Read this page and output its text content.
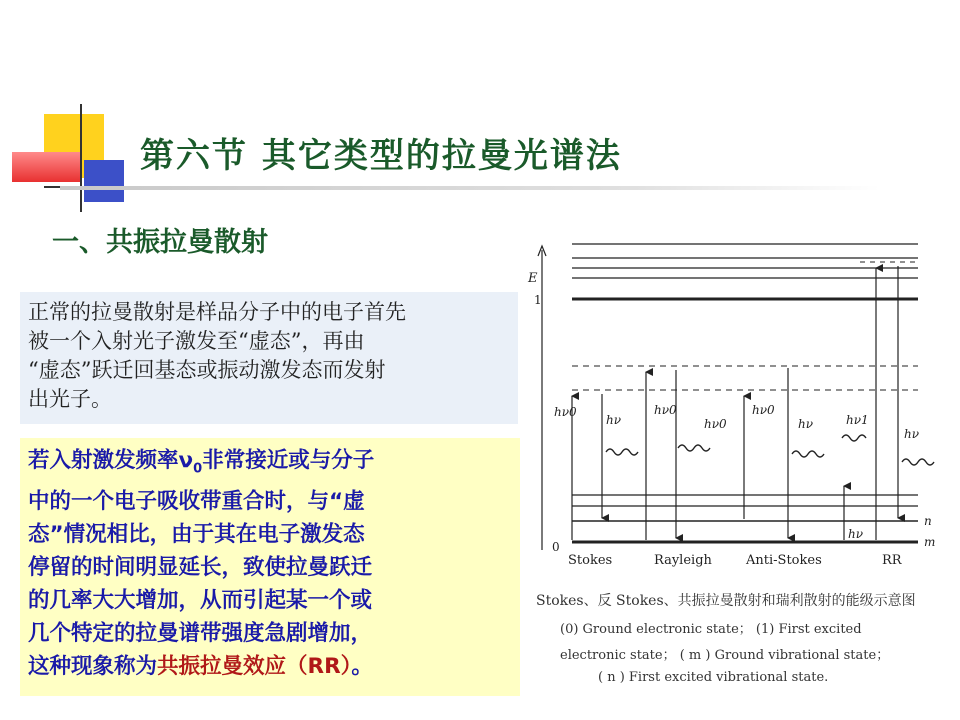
第六节 其它类型的拉曼光谱法
一、共振拉曼散射

正常的拉曼散射是样品分子中的电子首先

被一个入射光子激发至“虚态”，再由

“虚态”跃迁回基态或振动激发态而发射

出光子。

若入射激发频率$\nu_0$非常接近或与分子

中的一个电子吸收带重合时，与“虚

态”情况相比，由于其在电子激发态

停留的时间明显延长，致使拉曼跃迁

的几率大大增加，从而引起某一个或

几个特定的拉曼谱带强度急剧增加，

这种现象称为共振拉曼效应（RR）。

E
1
0
n
m
hν0
hν
hν0
hν0
hν0
hν
hν
hν1
hν
Stokes	Rayleigh	Anti-Stokes	RR
Stokes、反 Stokes、共振拉曼散射和瑞利散射的能级示意图
(0) Ground electronic state； (1) First excited
electronic state； ( m ) Ground vibrational state；
( n ) First excited vibrational state.
